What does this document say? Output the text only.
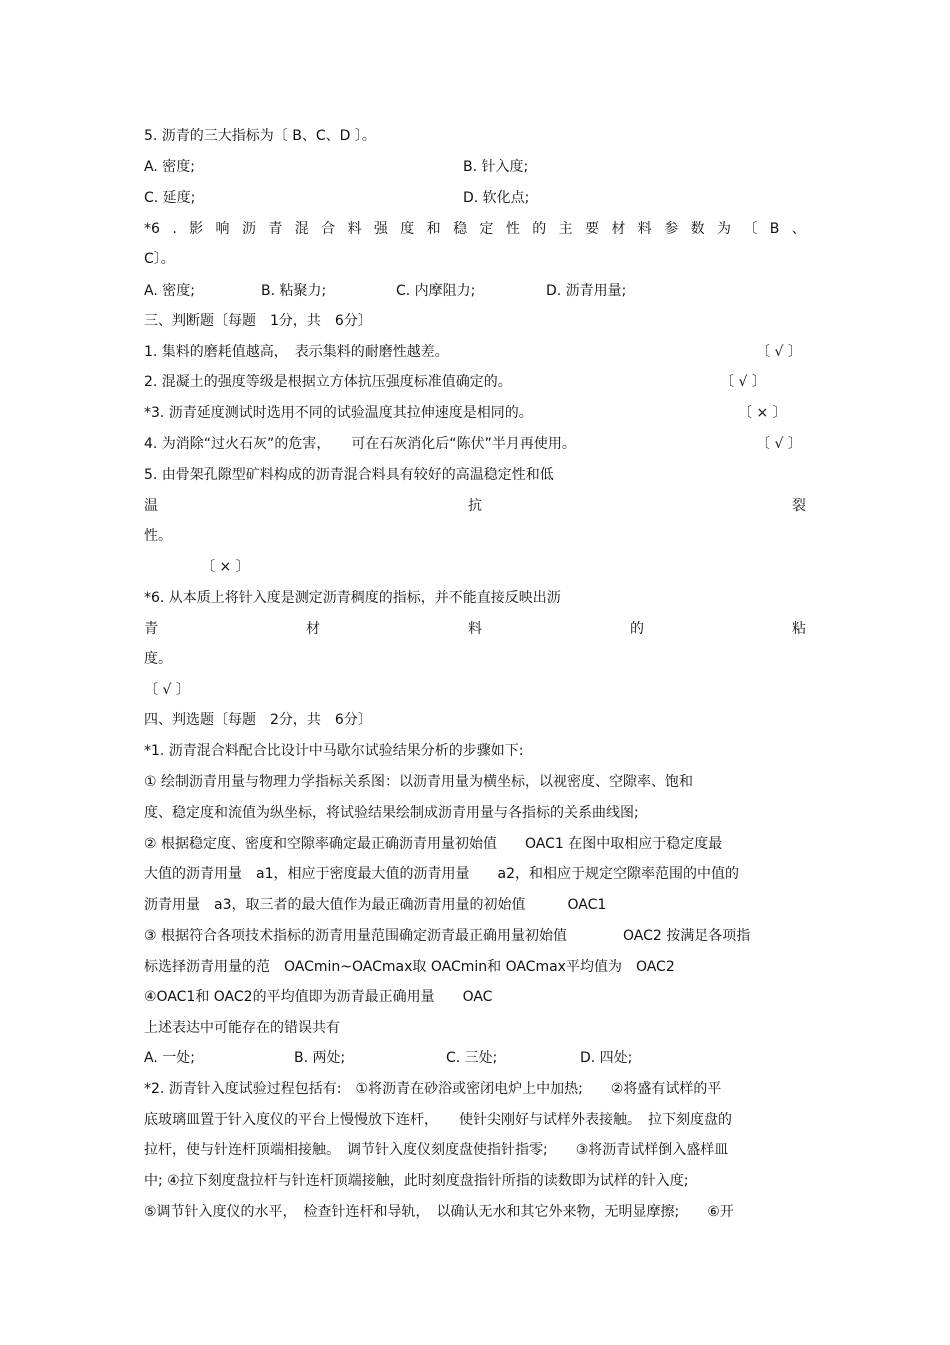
5. 沥青的三大指标为〔 B、C、D 〕。
A. 密度;	B. 针入度;
C. 延度;	D. 软化点;
*6 . 影 响 沥 青 混 合 料 强 度 和 稳 定 性 的 主 要 材 料 参 数 为 〔 B 、
C〕。
A. 密度;	B. 粘聚力;	C. 内摩阻力;	D. 沥青用量;
三、判断题〔每题　1分，共　6分〕
1. 集料的磨耗值越高，　表示集料的耐磨性越差。	〔 √ 〕
2. 混凝土的强度等级是根据立方体抗压强度标准值确定的。	〔 √ 〕
*3. 沥青延度测试时选用不同的试验温度其拉伸速度是相同的。	〔 × 〕
4. 为消除“过火石灰”的危害，　　可在石灰消化后“陈伏”半月再使用。	〔 √ 〕
5. 由骨架孔隙型矿料构成的沥青混合料具有较好的高温稳定性和低
温	抗	裂
性。
〔 × 〕
*6. 从本质上将针入度是测定沥青稠度的指标，并不能直接反映出沥
青	材	料	的	粘
度。
〔 √ 〕
四、判选题〔每题　2分，共　6分〕
*1. 沥青混合料配合比设计中马歇尔试验结果分析的步骤如下:
① 绘制沥青用量与物理力学指标关系图：以沥青用量为横坐标，以视密度、空隙率、饱和
度、稳定度和流值为纵坐标，将试验结果绘制成沥青用量与各指标的关系曲线图;
② 根据稳定度、密度和空隙率确定最正确沥青用量初始值　　OAC1 在图中取相应于稳定度最
大值的沥青用量　a1，相应于密度最大值的沥青用量　　a2，和相应于规定空隙率范围的中值的
沥青用量　a3，取三者的最大值作为最正确沥青用量的初始值　　　OAC1
③ 根据符合各项技术指标的沥青用量范围确定沥青最正确用量初始值　　　　OAC2 按满足各项指
标选择沥青用量的范　OACmin~OACmax取 OACmin和 OACmax平均值为　OAC2
④OAC1和 OAC2的平均值即为沥青最正确用量　　OAC
上述表达中可能存在的错误共有
A. 一处;	B. 两处;	C. 三处;	D. 四处;
*2. 沥青针入度试验过程包括有:　①将沥青在砂浴或密闭电炉上中加热;　　②将盛有试样的平
底玻璃皿置于针入度仪的平台上慢慢放下连杆，　　使针尖刚好与试样外表接触。　拉下刻度盘的
拉杆，使与针连杆顶端相接触。　调节针入度仪刻度盘使指针指零;　　③将沥青试样倒入盛样皿
中; ④拉下刻度盘拉杆与针连杆顶端接触，此时刻度盘指针所指的读数即为试样的针入度;
⑤调节针入度仪的水平，　检查针连杆和导轨，　以确认无水和其它外来物，无明显摩擦;　　⑥开
